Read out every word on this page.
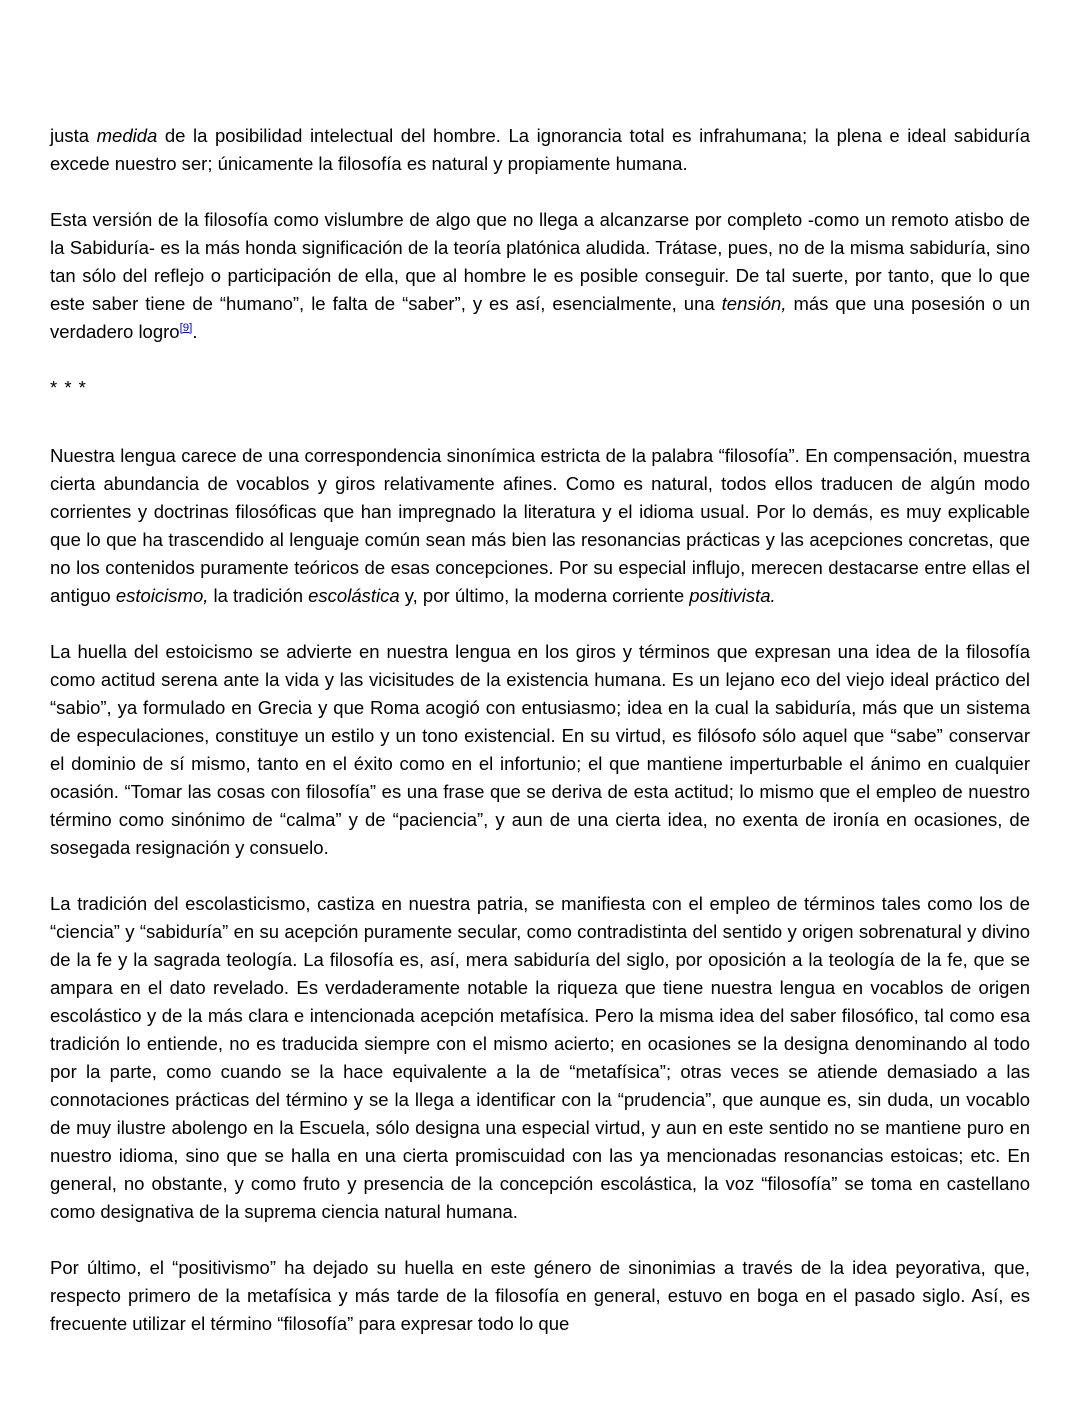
justa medida de la posibilidad intelectual del hombre. La ignorancia total es infrahumana; la plena e ideal sabiduría excede nuestro ser; únicamente la filosofía es natural y propiamente humana.

Esta versión de la filosofía como vislumbre de algo que no llega a alcanzarse por completo -como un remoto atisbo de la Sabiduría- es la más honda significación de la teoría platónica aludida. Trátase, pues, no de la misma sabiduría, sino tan sólo del reflejo o participación de ella, que al hombre le es posible conseguir. De tal suerte, por tanto, que lo que este saber tiene de “humano”, le falta de “saber”, y es así, esencialmente, una tensión, más que una posesión o un verdadero logro[9].

* * *

Nuestra lengua carece de una correspondencia sinonímica estricta de la palabra “filosofía”. En compensación, muestra cierta abundancia de vocablos y giros relativamente afines. Como es natural, todos ellos traducen de algún modo corrientes y doctrinas filosóficas que han impregnado la literatura y el idioma usual. Por lo demás, es muy explicable que lo que ha trascendido al lenguaje común sean más bien las resonancias prácticas y las acepciones concretas, que no los contenidos puramente teóricos de esas concepciones. Por su especial influjo, merecen destacarse entre ellas el antiguo estoicismo, la tradición escolástica y, por último, la moderna corriente positivista.

La huella del estoicismo se advierte en nuestra lengua en los giros y términos que expresan una idea de la filosofía como actitud serena ante la vida y las vicisitudes de la existencia humana. Es un lejano eco del viejo ideal práctico del “sabio”, ya formulado en Grecia y que Roma acogió con entusiasmo; idea en la cual la sabiduría, más que un sistema de especulaciones, constituye un estilo y un tono existencial. En su virtud, es filósofo sólo aquel que “sabe” conservar el dominio de sí mismo, tanto en el éxito como en el infortunio; el que mantiene imperturbable el ánimo en cualquier ocasión. “Tomar las cosas con filosofía” es una frase que se deriva de esta actitud; lo mismo que el empleo de nuestro término como sinónimo de “calma” y de “paciencia”, y aun de una cierta idea, no exenta de ironía en ocasiones, de sosegada resignación y consuelo.

La tradición del escolasticismo, castiza en nuestra patria, se manifiesta con el empleo de términos tales como los de “ciencia” y “sabiduría” en su acepción puramente secular, como contradistinta del sentido y origen sobrenatural y divino de la fe y la sagrada teología. La filosofía es, así, mera sabiduría del siglo, por oposición a la teología de la fe, que se ampara en el dato revelado. Es verdaderamente notable la riqueza que tiene nuestra lengua en vocablos de origen escolástico y de la más clara e intencionada acepción metafísica. Pero la misma idea del saber filosófico, tal como esa tradición lo entiende, no es traducida siempre con el mismo acierto; en ocasiones se la designa denominando al todo por la parte, como cuando se la hace equivalente a la de “metafísica”; otras veces se atiende demasiado a las connotaciones prácticas del término y se la llega a identificar con la “prudencia”, que aunque es, sin duda, un vocablo de muy ilustre abolengo en la Escuela, sólo designa una especial virtud, y aun en este sentido no se mantiene puro en nuestro idioma, sino que se halla en una cierta promiscuidad con las ya mencionadas resonancias estoicas; etc. En general, no obstante, y como fruto y presencia de la concepción escolástica, la voz “filosofía” se toma en castellano como designativa de la suprema ciencia natural humana.

Por último, el “positivismo” ha dejado su huella en este género de sinonimias a través de la idea peyorativa, que, respecto primero de la metafísica y más tarde de la filosofía en general, estuvo en boga en el pasado siglo. Así, es frecuente utilizar el término “filosofía” para expresar todo lo que
